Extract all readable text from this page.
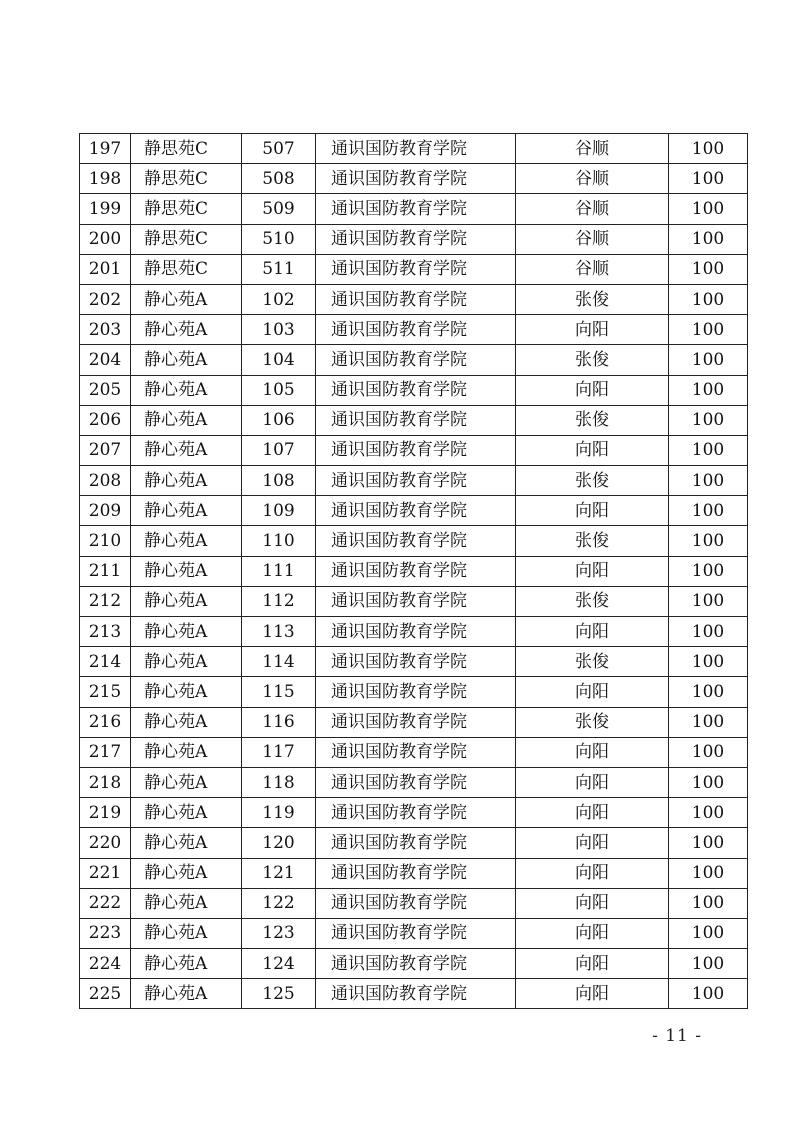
197	静思苑C	507	通识国防教育学院	谷顺	100
198	静思苑C	508	通识国防教育学院	谷顺	100
199	静思苑C	509	通识国防教育学院	谷顺	100
200	静思苑C	510	通识国防教育学院	谷顺	100
201	静思苑C	511	通识国防教育学院	谷顺	100
202	静心苑A	102	通识国防教育学院	张俊	100
203	静心苑A	103	通识国防教育学院	向阳	100
204	静心苑A	104	通识国防教育学院	张俊	100
205	静心苑A	105	通识国防教育学院	向阳	100
206	静心苑A	106	通识国防教育学院	张俊	100
207	静心苑A	107	通识国防教育学院	向阳	100
208	静心苑A	108	通识国防教育学院	张俊	100
209	静心苑A	109	通识国防教育学院	向阳	100
210	静心苑A	110	通识国防教育学院	张俊	100
211	静心苑A	111	通识国防教育学院	向阳	100
212	静心苑A	112	通识国防教育学院	张俊	100
213	静心苑A	113	通识国防教育学院	向阳	100
214	静心苑A	114	通识国防教育学院	张俊	100
215	静心苑A	115	通识国防教育学院	向阳	100
216	静心苑A	116	通识国防教育学院	张俊	100
217	静心苑A	117	通识国防教育学院	向阳	100
218	静心苑A	118	通识国防教育学院	向阳	100
219	静心苑A	119	通识国防教育学院	向阳	100
220	静心苑A	120	通识国防教育学院	向阳	100
221	静心苑A	121	通识国防教育学院	向阳	100
222	静心苑A	122	通识国防教育学院	向阳	100
223	静心苑A	123	通识国防教育学院	向阳	100
224	静心苑A	124	通识国防教育学院	向阳	100
225	静心苑A	125	通识国防教育学院	向阳	100
- 11 -
